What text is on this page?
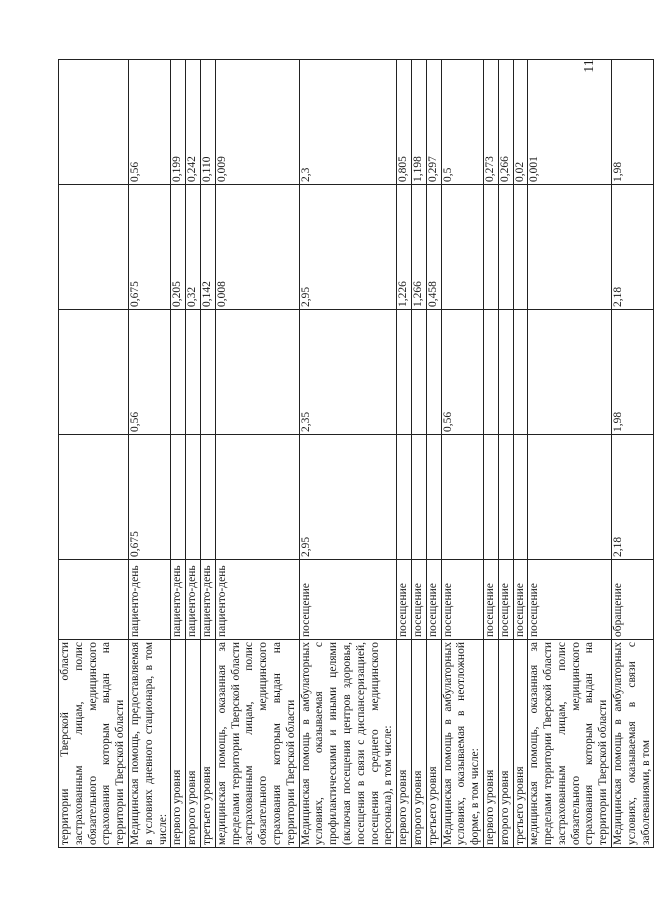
11
территории Тверской области застрахованным лицам, полис обязательного медицинского страхования которым выдан на территории Тверской области					
Медицинская помощь, предоставляемая в условиях дневного стационара, в том числе:	пациенто-день	0,675	0,56	0,675	0,56
первого уровня	пациенто-день			0,205	0,199
второго уровня	пациенто-день			0,32	0,242
третьего уровня	пациенто-день			0,142	0,110
медицинская помощь, оказанная за пределами территории Тверской области застрахованным лицам, полис обязательного медицинского страхования которым выдан на территории Тверской области	пациенто-день			0,008	0,009
Медицинская помощь в амбулаторных условиях, оказываемая с профилактическими и иными целями (включая посещения центров здоровья, посещения в связи с диспансеризацией, посещения среднего медицинского персонала), в том числе:	посещение	2,95	2,35	2,95	2,3
первого уровня	посещение			1,226	0,805
второго уровня	посещение			1,266	1,198
третьего уровня	посещение			0,458	0,297
Медицинская помощь в амбулаторных условиях, оказываемая в неотложной форме, в том числе:	посещение		0,56		0,5
первого уровня	посещение				0,273
второго уровня	посещение				0,266
третьего уровня	посещение				0,02
медицинская помощь, оказанная за пределами территории Тверской области застрахованным лицам, полис обязательного медицинского страхования которым выдан на территории Тверской области	посещение				0,001
Медицинская помощь в амбулаторных условиях, оказываемая в связи с заболеваниями, в том	обращение	2,18	1,98	2,18	1,98
